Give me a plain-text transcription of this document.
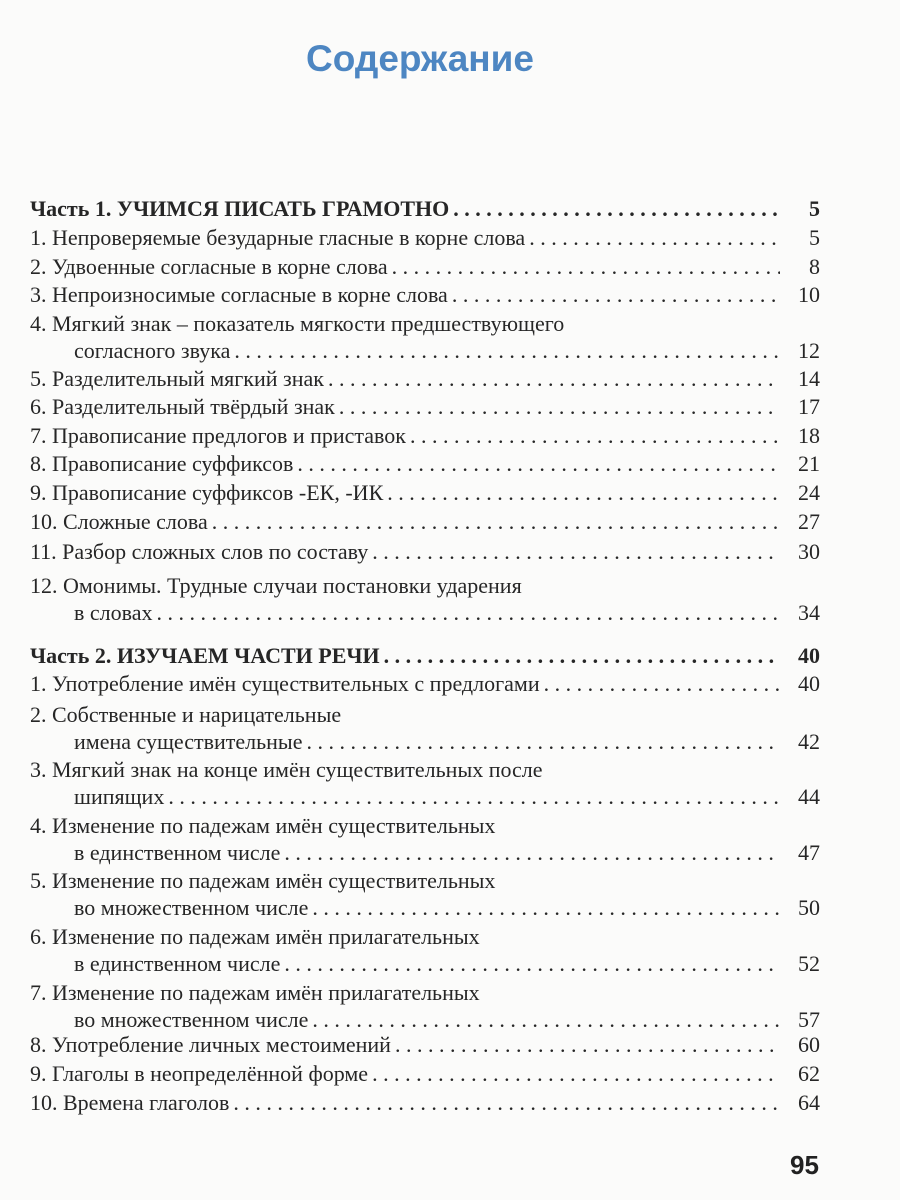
Содержание
Часть 1. УЧИМСЯ ПИСАТЬ ГРАМОТНО . . .	5
1. Непроверяемые безударные гласные в корне слова . . .	5
2. Удвоенные согласные в корне слова . . .	8
3. Непроизносимые согласные в корне слова . . .	10
4. Мягкий знак – показатель мягкости предшествующего
согласного звука . . .	12
5. Разделительный мягкий знак . . .	14
6. Разделительный твёрдый знак . . .	17
7. Правописание предлогов и приставок . . .	18
8. Правописание суффиксов . . .	21
9. Правописание суффиксов -ЕК, -ИК . . .	24
10. Сложные слова . . .	27
11. Разбор сложных слов по составу . . .	30
12. Омонимы. Трудные случаи постановки ударения
в словах . . .	34
Часть 2. ИЗУЧАЕМ ЧАСТИ РЕЧИ . . .	40
1. Употребление имён существительных с предлогами . . .	40
2. Собственные и нарицательные
имена существительные . . .	42
3. Мягкий знак на конце имён существительных после
шипящих . . .	44
4. Изменение по падежам имён существительных
в единственном числе . . .	47
5. Изменение по падежам имён существительных
во множественном числе . . .	50
6. Изменение по падежам имён прилагательных
в единственном числе . . .	52
7. Изменение по падежам имён прилагательных
во множественном числе . . .	57
8. Употребление личных местоимений . . .	60
9. Глаголы в неопределённой форме . . .	62
10. Времена глаголов . . .	64
95
